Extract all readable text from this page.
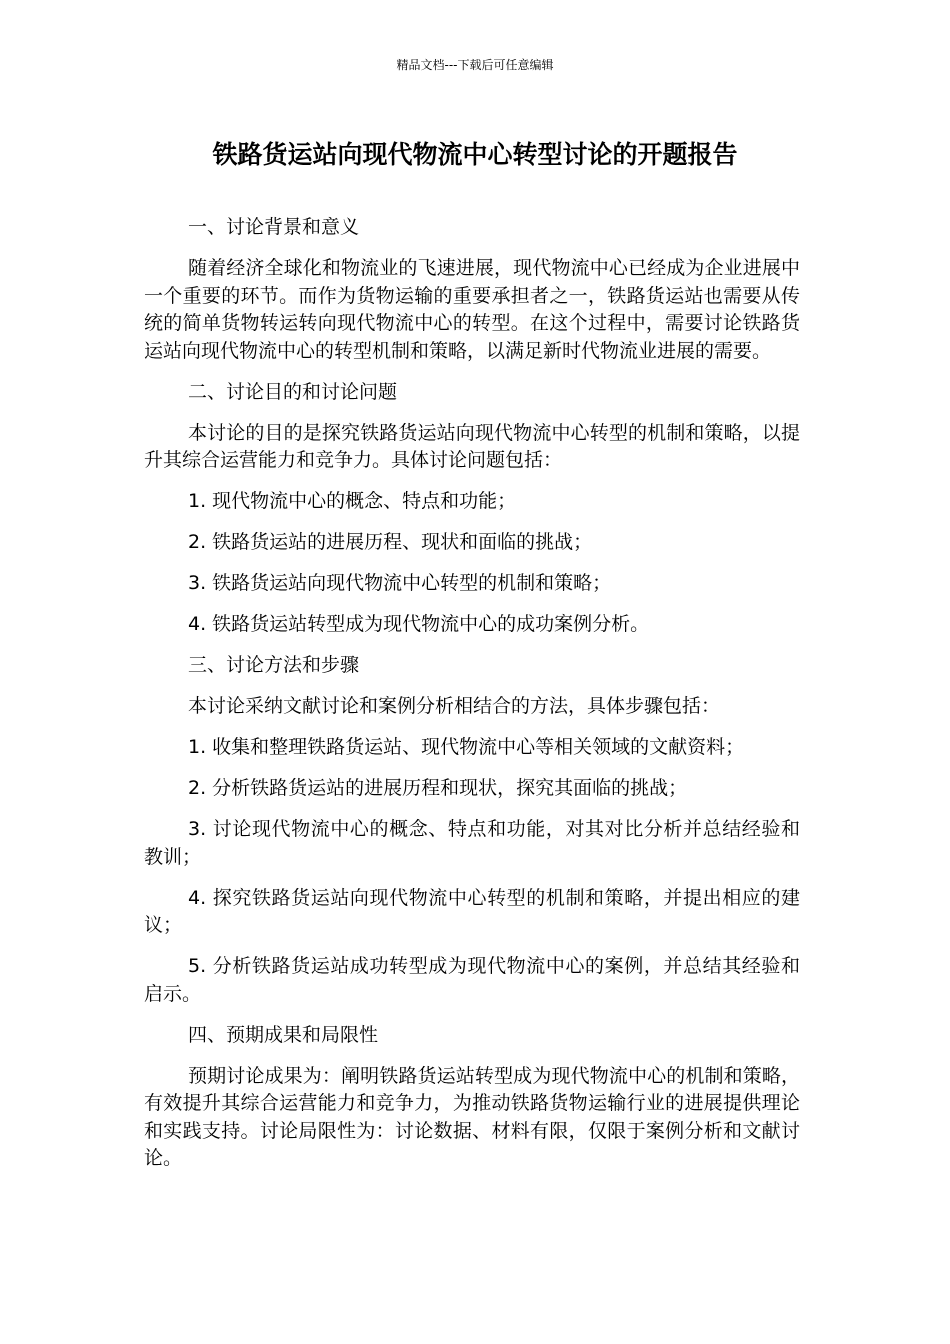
精品文档---下载后可任意编辑
铁路货运站向现代物流中心转型讨论的开题报告

一、讨论背景和意义

随着经济全球化和物流业的飞速进展，现代物流中心已经成为企业进展中一个重要的环节。而作为货物运输的重要承担者之一，铁路货运站也需要从传统的简单货物转运转向现代物流中心的转型。在这个过程中，需要讨论铁路货运站向现代物流中心的转型机制和策略，以满足新时代物流业进展的需要。

二、讨论目的和讨论问题

本讨论的目的是探究铁路货运站向现代物流中心转型的机制和策略，以提升其综合运营能力和竞争力。具体讨论问题包括：

1. 现代物流中心的概念、特点和功能；

2. 铁路货运站的进展历程、现状和面临的挑战；

3. 铁路货运站向现代物流中心转型的机制和策略；

4. 铁路货运站转型成为现代物流中心的成功案例分析。

三、讨论方法和步骤

本讨论采纳文献讨论和案例分析相结合的方法，具体步骤包括：

1. 收集和整理铁路货运站、现代物流中心等相关领域的文献资料；

2. 分析铁路货运站的进展历程和现状，探究其面临的挑战；

3. 讨论现代物流中心的概念、特点和功能，对其对比分析并总结经验和教训；

4. 探究铁路货运站向现代物流中心转型的机制和策略，并提出相应的建议；

5. 分析铁路货运站成功转型成为现代物流中心的案例，并总结其经验和启示。

四、预期成果和局限性

预期讨论成果为：阐明铁路货运站转型成为现代物流中心的机制和策略，有效提升其综合运营能力和竞争力，为推动铁路货物运输行业的进展提供理论和实践支持。讨论局限性为：讨论数据、材料有限，仅限于案例分析和文献讨论。
